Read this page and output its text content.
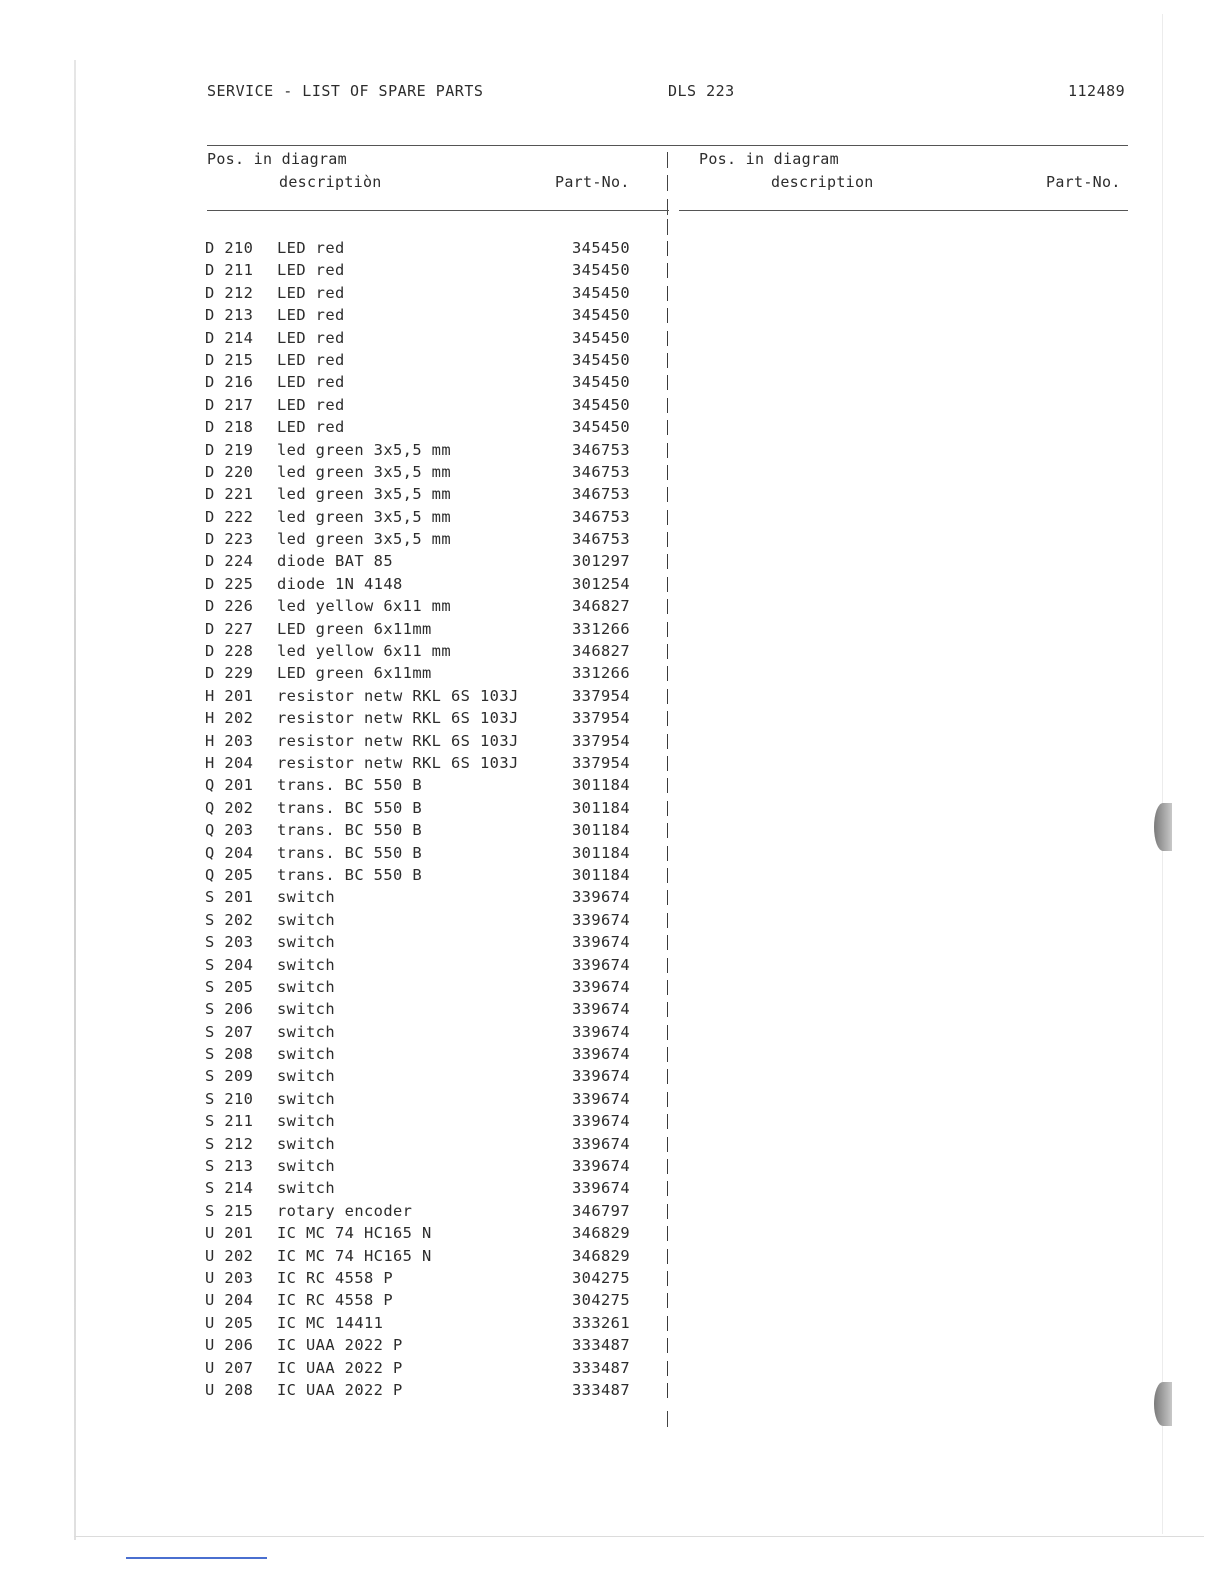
SERVICE - LIST OF SPARE PARTS	DLS 223	112489
Pos. in diagram
descriptiòn	Part-No.
Pos. in diagram
description	Part-No.
D 210 LED red	345450
D 211 LED red	345450
D 212 LED red	345450
D 213 LED red	345450
D 214 LED red	345450
D 215 LED red	345450
D 216 LED red	345450
D 217 LED red	345450
D 218 LED red	345450
D 219 led green 3x5,5 mm	346753
D 220 led green 3x5,5 mm	346753
D 221 led green 3x5,5 mm	346753
D 222 led green 3x5,5 mm	346753
D 223 led green 3x5,5 mm	346753
D 224 diode BAT 85	301297
D 225 diode 1N 4148	301254
D 226 led yellow 6x11 mm	346827
D 227 LED green 6x11mm	331266
D 228 led yellow 6x11 mm	346827
D 229 LED green 6x11mm	331266
H 201 resistor netw RKL 6S 103J	337954
H 202 resistor netw RKL 6S 103J	337954
H 203 resistor netw RKL 6S 103J	337954
H 204 resistor netw RKL 6S 103J	337954
Q 201 trans. BC 550 B	301184
Q 202 trans. BC 550 B	301184
Q 203 trans. BC 550 B	301184
Q 204 trans. BC 550 B	301184
Q 205 trans. BC 550 B	301184
S 201 switch	339674
S 202 switch	339674
S 203 switch	339674
S 204 switch	339674
S 205 switch	339674
S 206 switch	339674
S 207 switch	339674
S 208 switch	339674
S 209 switch	339674
S 210 switch	339674
S 211 switch	339674
S 212 switch	339674
S 213 switch	339674
S 214 switch	339674
S 215 rotary encoder	346797
U 201 IC MC 74 HC165 N	346829
U 202 IC MC 74 HC165 N	346829
U 203 IC RC 4558 P	304275
U 204 IC RC 4558 P	304275
U 205 IC MC 14411	333261
U 206 IC UAA 2022 P	333487
U 207 IC UAA 2022 P	333487
U 208 IC UAA 2022 P	333487
